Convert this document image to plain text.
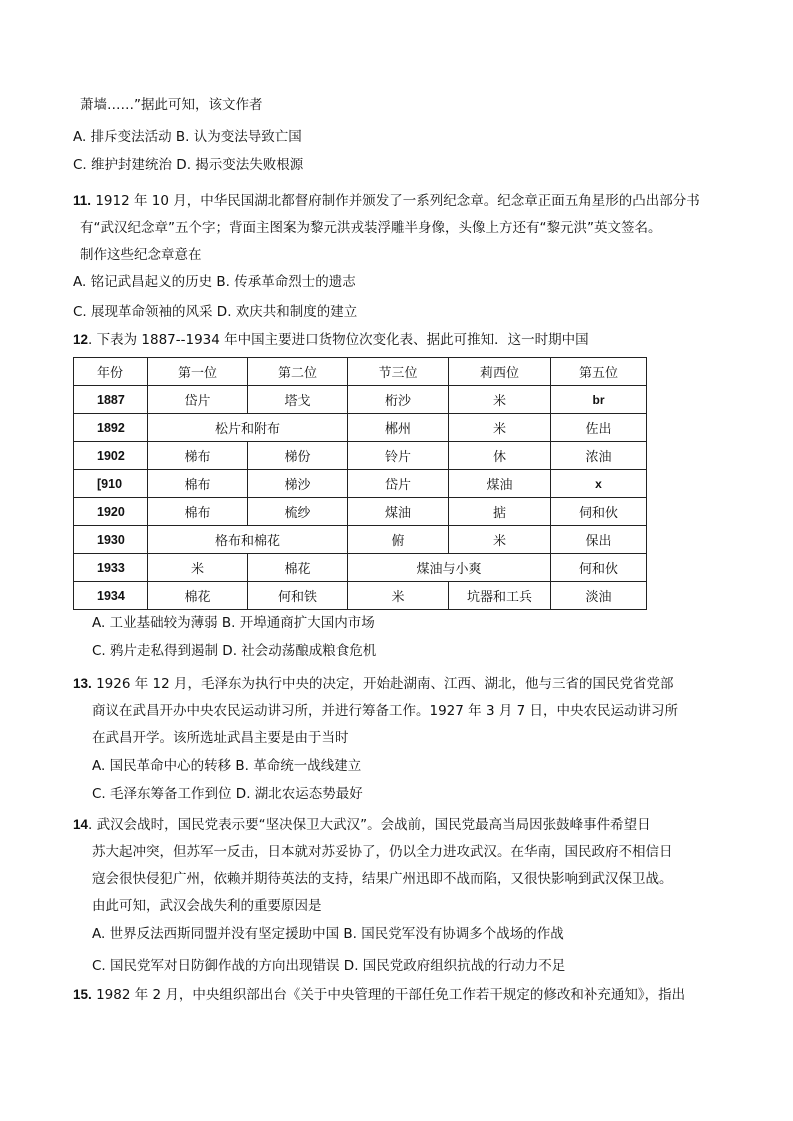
萧墙……”据此可知，该文作者
A. 排斥变法活动 B. 认为变法导致亡国
C. 维护封建统治 D. 揭示变法失败根源
11. 1912 年 10 月，中华民国湖北都督府制作并颁发了一系列纪念章。纪念章正面五角星形的凸出部分书
有“武汉纪念章”五个字；背面主图案为黎元洪戎装浮雕半身像，头像上方还有“黎元洪”英文签名。
制作这些纪念章意在
A. 铭记武昌起义的历史 B. 传承革命烈士的遗志
C. 展现革命领袖的风采 D. 欢庆共和制度的建立
12. 下表为 1887--1934 年中国主要进口货物位次变化表、据此可推知．这一时期中国
年份	第一位	第二位	节三位	莉西位	第五位
1887	岱片	塔戈	桁沙	米	br
1892	松片和附布		郴州	米	佐出
1902	梯布	梯份	铃片	休	浓油
[910	棉布	梯沙	岱片	煤油	x
1920	棉布	梳纱	煤油	掂	伺和伙
1930	格布和棉花		俯	米	保出
1933	米	棉花	煤油与小爽		何和伙
1934	棉花	何和铁	米	坑器和工兵	淡油
A. 工业基础较为薄弱 B. 开埠通商扩大国内市场
C. 鸦片走私得到遏制 D. 社会动荡酿成粮食危机
13. 1926 年 12 月，毛泽东为执行中央的决定，开始赴湖南、江西、湖北，他与三省的国民党省党部
商议在武昌开办中央农民运动讲习所，并进行筹备工作。1927 年 3 月 7 日，中央农民运动讲习所
在武昌开学。该所选址武昌主要是由于当时
A. 国民革命中心的转移 B. 革命统一战线建立
C. 毛泽东筹备工作到位 D. 湖北农运态势最好
14. 武汉会战时，国民党表示要“坚决保卫大武汉”。会战前，国民党最高当局因张鼓峰事件希望日
苏大起冲突，但苏军一反击，日本就对苏妥协了，仍以全力进攻武汉。在华南，国民政府不相信日
寇会很快侵犯广州，依赖并期待英法的支持，结果广州迅即不战而陷，又很快影响到武汉保卫战。
由此可知，武汉会战失利的重要原因是
A. 世界反法西斯同盟并没有坚定援助中国 B. 国民党军没有协调多个战场的作战
C. 国民党军对日防御作战的方向出现错误 D. 国民党政府组织抗战的行动力不足
15. 1982 年 2 月，中央组织部出台《关于中央管理的干部任免工作若干规定的修改和补充通知》，指出
